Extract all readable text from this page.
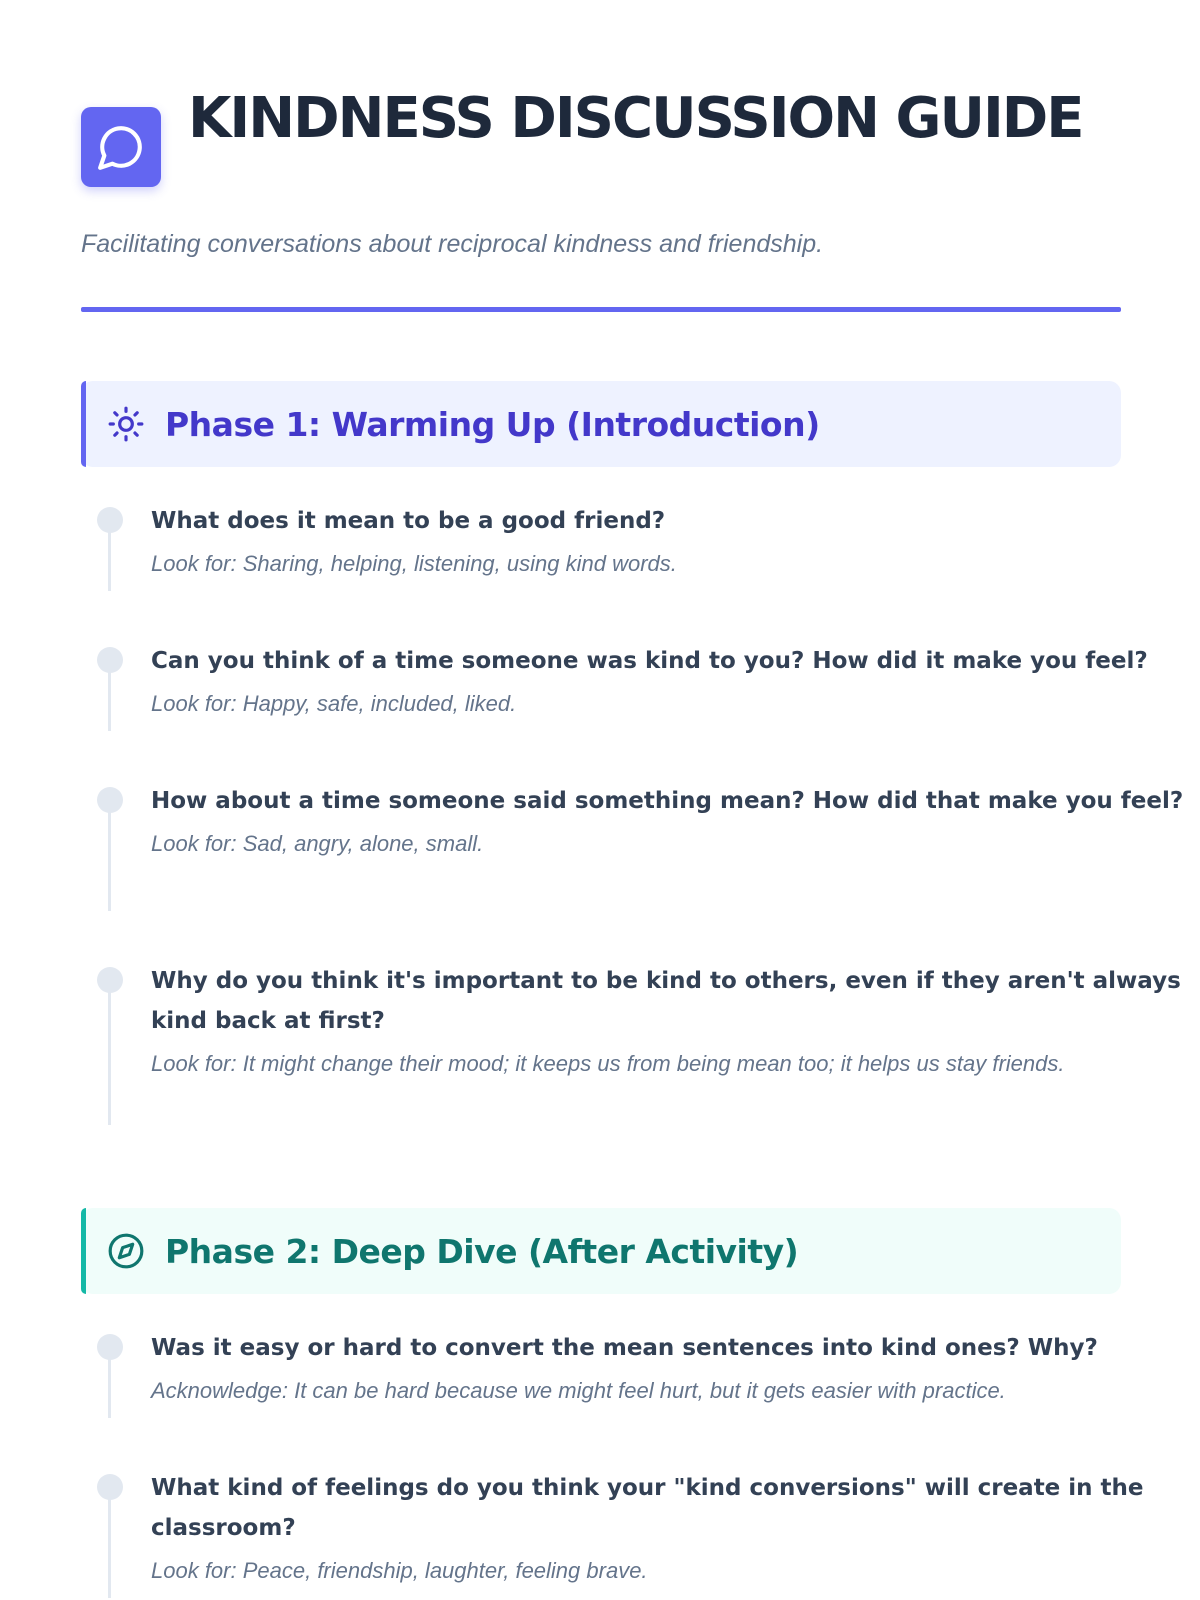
KINDNESS DISCUSSION GUIDE

Facilitating conversations about reciprocal kindness and friendship.

Phase 1: Warming Up (Introduction)

What does it mean to be a good friend?

Look for: Sharing, helping, listening, using kind words.

Can you think of a time someone was kind to you? How did it make you feel?

Look for: Happy, safe, included, liked.

How about a time someone said something mean? How did that make you feel?

Look for: Sad, angry, alone, small.

Why do you think it's important to be kind to others, even if they aren't always kind back at first?

Look for: It might change their mood; it keeps us from being mean too; it helps us stay friends.

Phase 2: Deep Dive (After Activity)

Was it easy or hard to convert the mean sentences into kind ones? Why?

Acknowledge: It can be hard because we might feel hurt, but it gets easier with practice.

What kind of feelings do you think your "kind conversions" will create in the classroom?

Look for: Peace, friendship, laughter, feeling brave.
